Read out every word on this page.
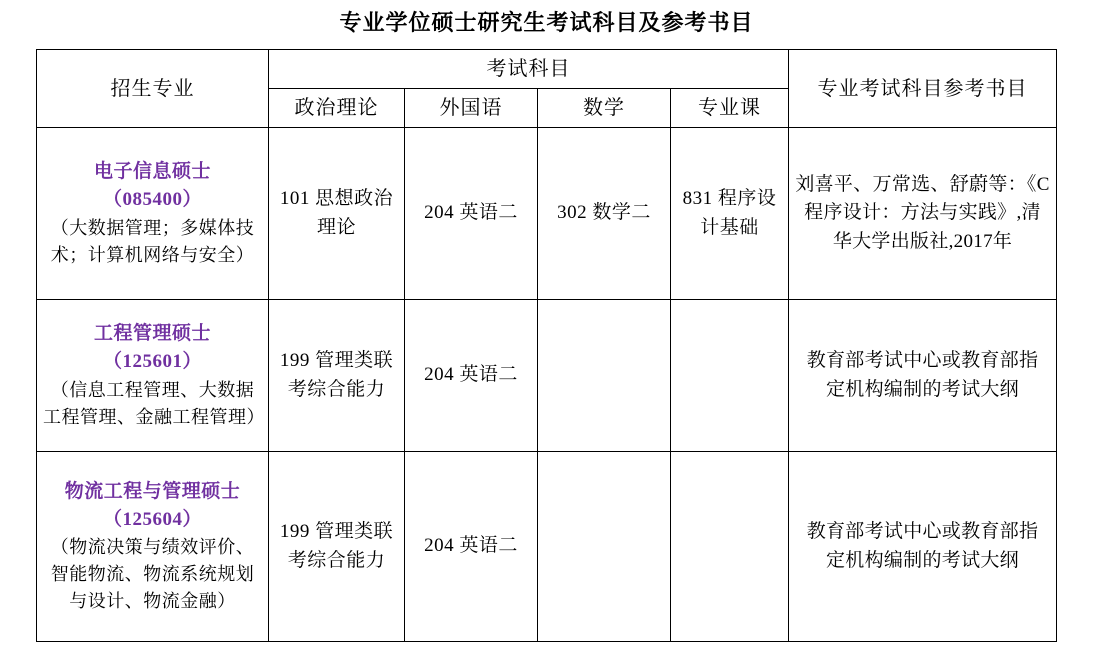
专业学位硕士研究生考试科目及参考书目
招生专业	考试科目				专业考试科目参考书目
	政治理论	外国语	数学	专业课	

电子信息硕士
（085400）
（大数据管理；多媒体技术；计算机网络与安全）	101 思想政治理论	204 英语二	302 数学二	831 程序设计基础	刘喜平、万常选、舒蔚等：《C 程序设计：方法与实践》,清华大学出版社,2017年

工程管理硕士
（125601）
（信息工程管理、大数据工程管理、金融工程管理）	199 管理类联考综合能力	204 英语二			教育部考试中心或教育部指定机构编制的考试大纲

物流工程与管理硕士
（125604）
（物流决策与绩效评价、智能物流、物流系统规划与设计、物流金融）	199 管理类联考综合能力	204 英语二			教育部考试中心或教育部指定机构编制的考试大纲
